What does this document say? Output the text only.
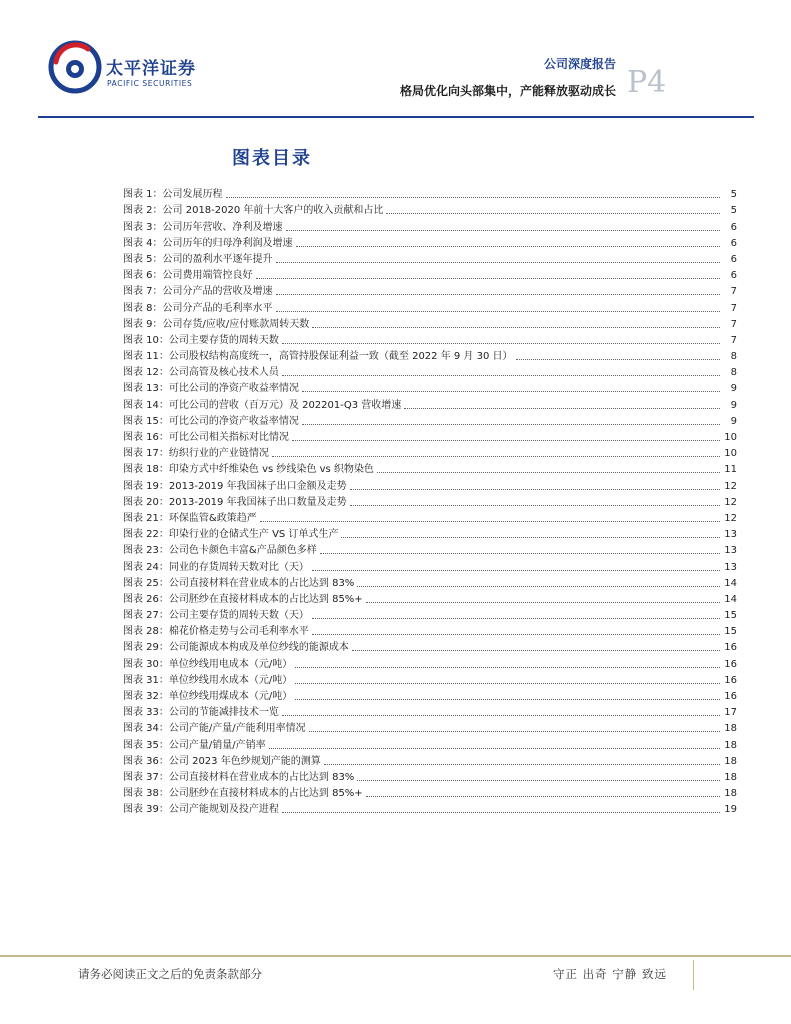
太平洋证券
PACIFIC SECURITIES
公司深度报告
格局优化向头部集中，产能释放驱动成长 P4
图表目录
图表 1：公司发展历程	5
图表 2：公司 2018-2020 年前十大客户的收入贡献和占比	5
图表 3：公司历年营收、净利及增速	6
图表 4：公司历年的归母净利润及增速	6
图表 5：公司的盈利水平逐年提升	6
图表 6：公司费用端管控良好	6
图表 7：公司分产品的营收及增速	7
图表 8：公司分产品的毛利率水平	7
图表 9：公司存货/应收/应付账款周转天数	7
图表 10：公司主要存货的周转天数	7
图表 11：公司股权结构高度统一，高管持股保证利益一致（截至 2022 年 9 月 30 日）	8
图表 12：公司高管及核心技术人员	8
图表 13：可比公司的净资产收益率情况	9
图表 14：可比公司的营收（百万元）及 202201-Q3 营收增速	9
图表 15：可比公司的净资产收益率情况	9
图表 16：可比公司相关指标对比情况	10
图表 17：纺织行业的产业链情况	10
图表 18：印染方式中纤维染色 vs 纱线染色 vs 织物染色	11
图表 19：2013-2019 年我国袜子出口金额及走势	12
图表 20：2013-2019 年我国袜子出口数量及走势	12
图表 21：环保监管&政策趋严	12
图表 22：印染行业的仓储式生产 VS 订单式生产	13
图表 23：公司色卡颜色丰富&产品颜色多样	13
图表 24：同业的存货周转天数对比（天）	13
图表 25：公司直接材料在营业成本的占比达到 83%	14
图表 26：公司胚纱在直接材料成本的占比达到 85%+	14
图表 27：公司主要存货的周转天数（天）	15
图表 28：棉花价格走势与公司毛利率水平	15
图表 29：公司能源成本构成及单位纱线的能源成本	16
图表 30：单位纱线用电成本（元/吨）	16
图表 31：单位纱线用水成本（元/吨）	16
图表 32：单位纱线用煤成本（元/吨）	16
图表 33：公司的节能减排技术一览	17
图表 34：公司产能/产量/产能利用率情况	18
图表 35：公司产量/销量/产销率	18
图表 36：公司 2023 年色纱规划产能的测算	18
图表 37：公司直接材料在营业成本的占比达到 83%	18
图表 38：公司胚纱在直接材料成本的占比达到 85%+	18
图表 39：公司产能规划及投产进程	19
请务必阅读正文之后的免责条款部分	守正 出奇 宁静 致远
